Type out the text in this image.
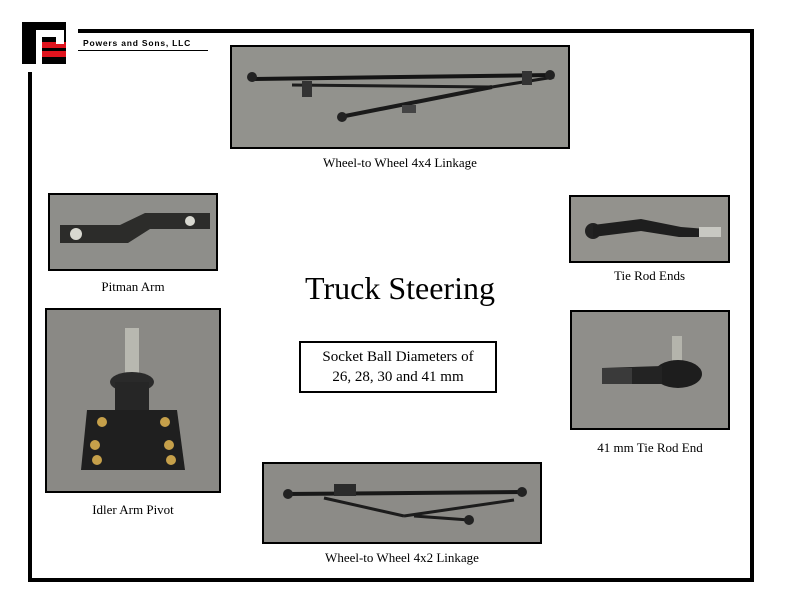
Powers and Sons, LLC
Wheel-to Wheel 4x4 Linkage
Pitman Arm	Truck Steering
Socket Ball Diameters of
26, 28, 30 and 41 mm
Tie Rod Ends
Idler Arm Pivot
41 mm Tie Rod End
Wheel-to Wheel 4x2 Linkage
